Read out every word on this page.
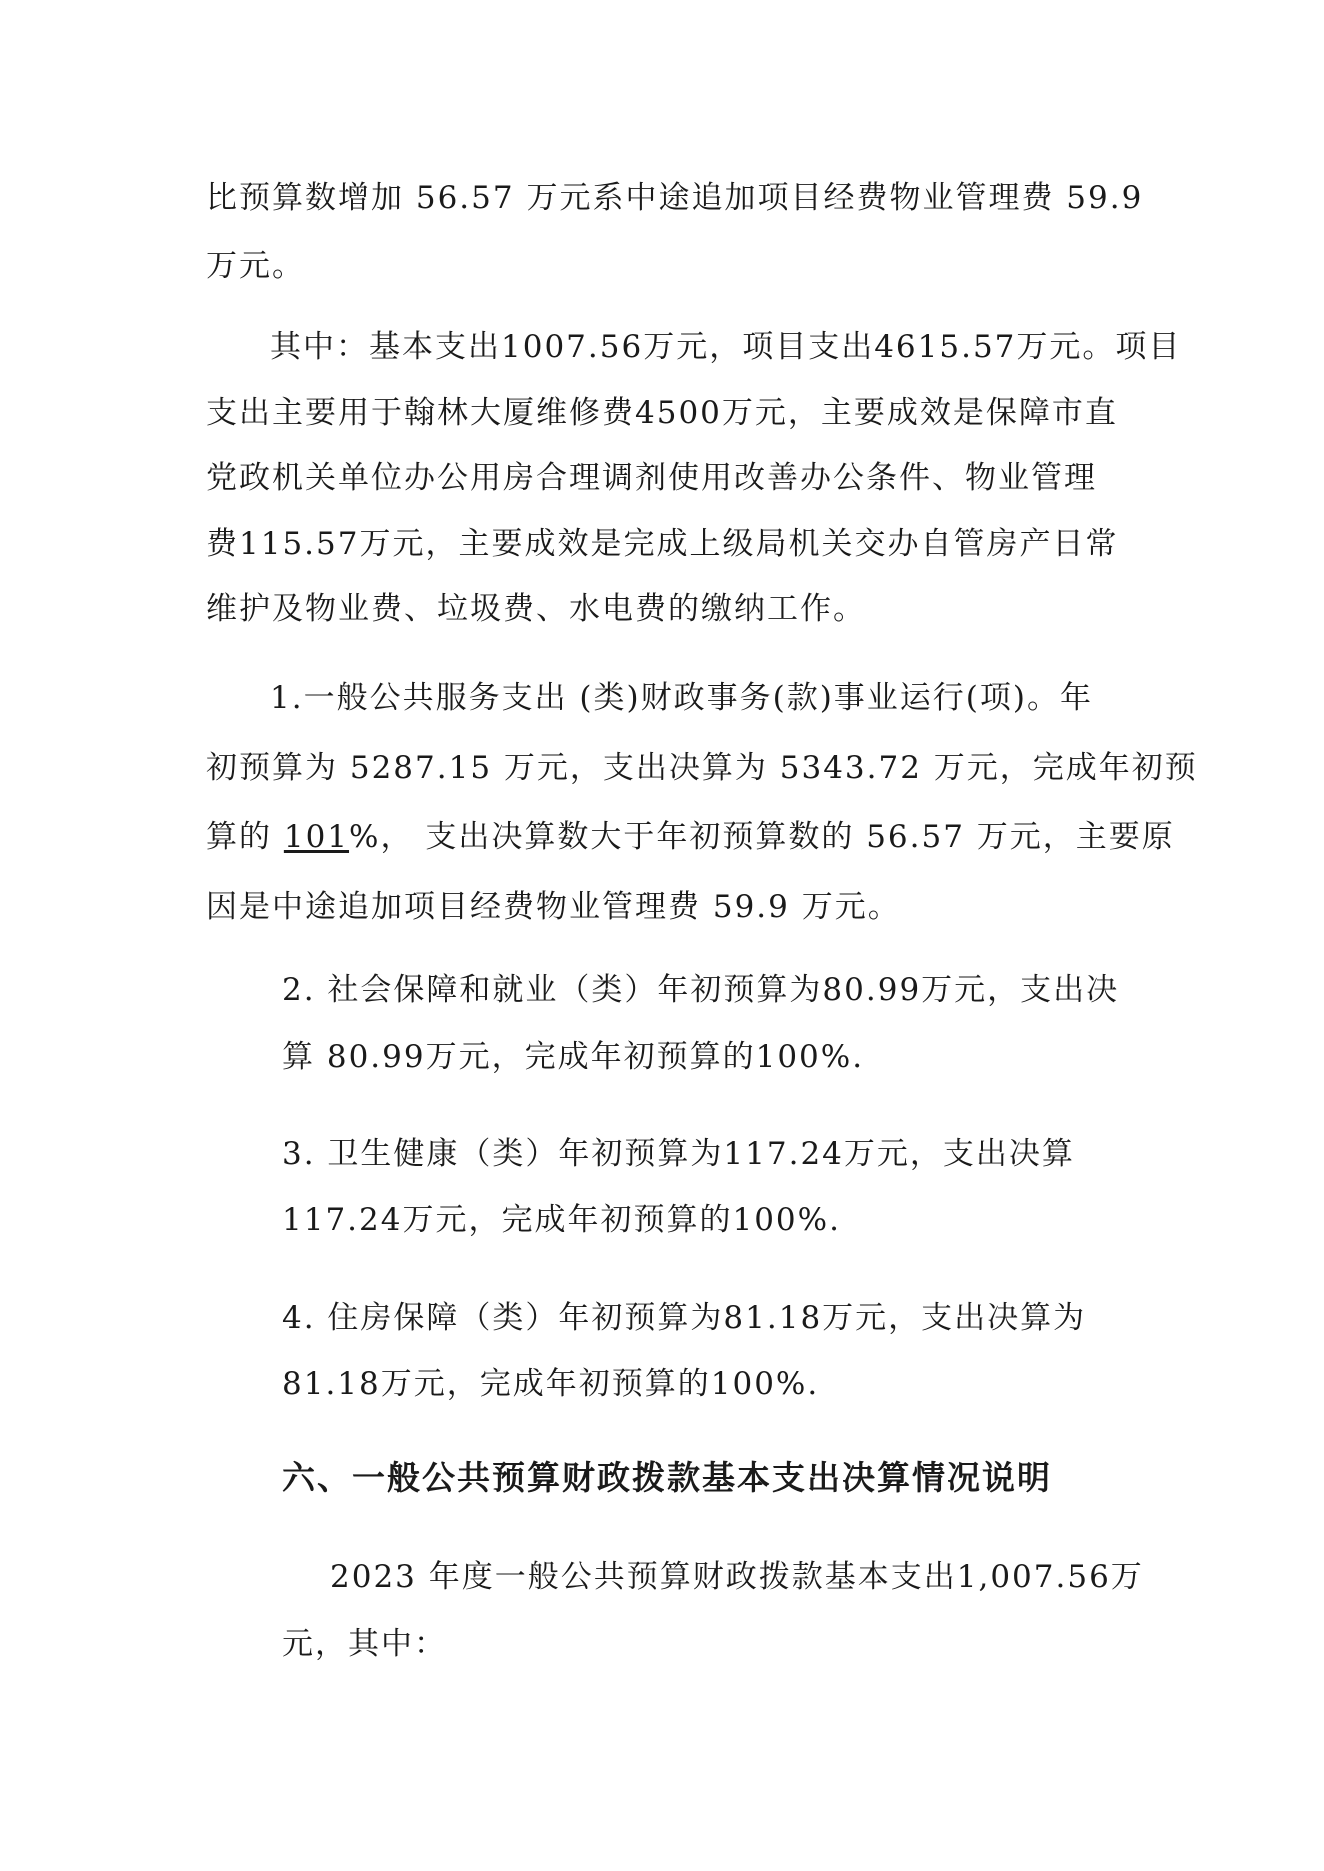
比预算数增加 56.57 万元系中途追加项目经费物业管理费 59.9

万元。

其中：基本支出1007.56万元，项目支出4615.57万元。项目

支出主要用于翰林大厦维修费4500万元，主要成效是保障市直

党政机关单位办公用房合理调剂使用改善办公条件、物业管理

费115.57万元，主要成效是完成上级局机关交办自管房产日常

维护及物业费、垃圾费、水电费的缴纳工作。

1.一般公共服务支出 (类)财政事务(款)事业运行(项)。年

初预算为 5287.15 万元，支出决算为 5343.72 万元，完成年初预

算的 101%， 支出决算数大于年初预算数的 56.57 万元，主要原

因是中途追加项目经费物业管理费 59.9 万元。

2. 社会保障和就业（类）年初预算为80.99万元，支出决

算 80.99万元，完成年初预算的100%.

3. 卫生健康（类）年初预算为117.24万元，支出决算

117.24万元，完成年初预算的100%.

4. 住房保障（类）年初预算为81.18万元，支出决算为

81.18万元，完成年初预算的100%.

六、一般公共预算财政拨款基本支出决算情况说明

2023 年度一般公共预算财政拨款基本支出1,007.56万

元，其中：
